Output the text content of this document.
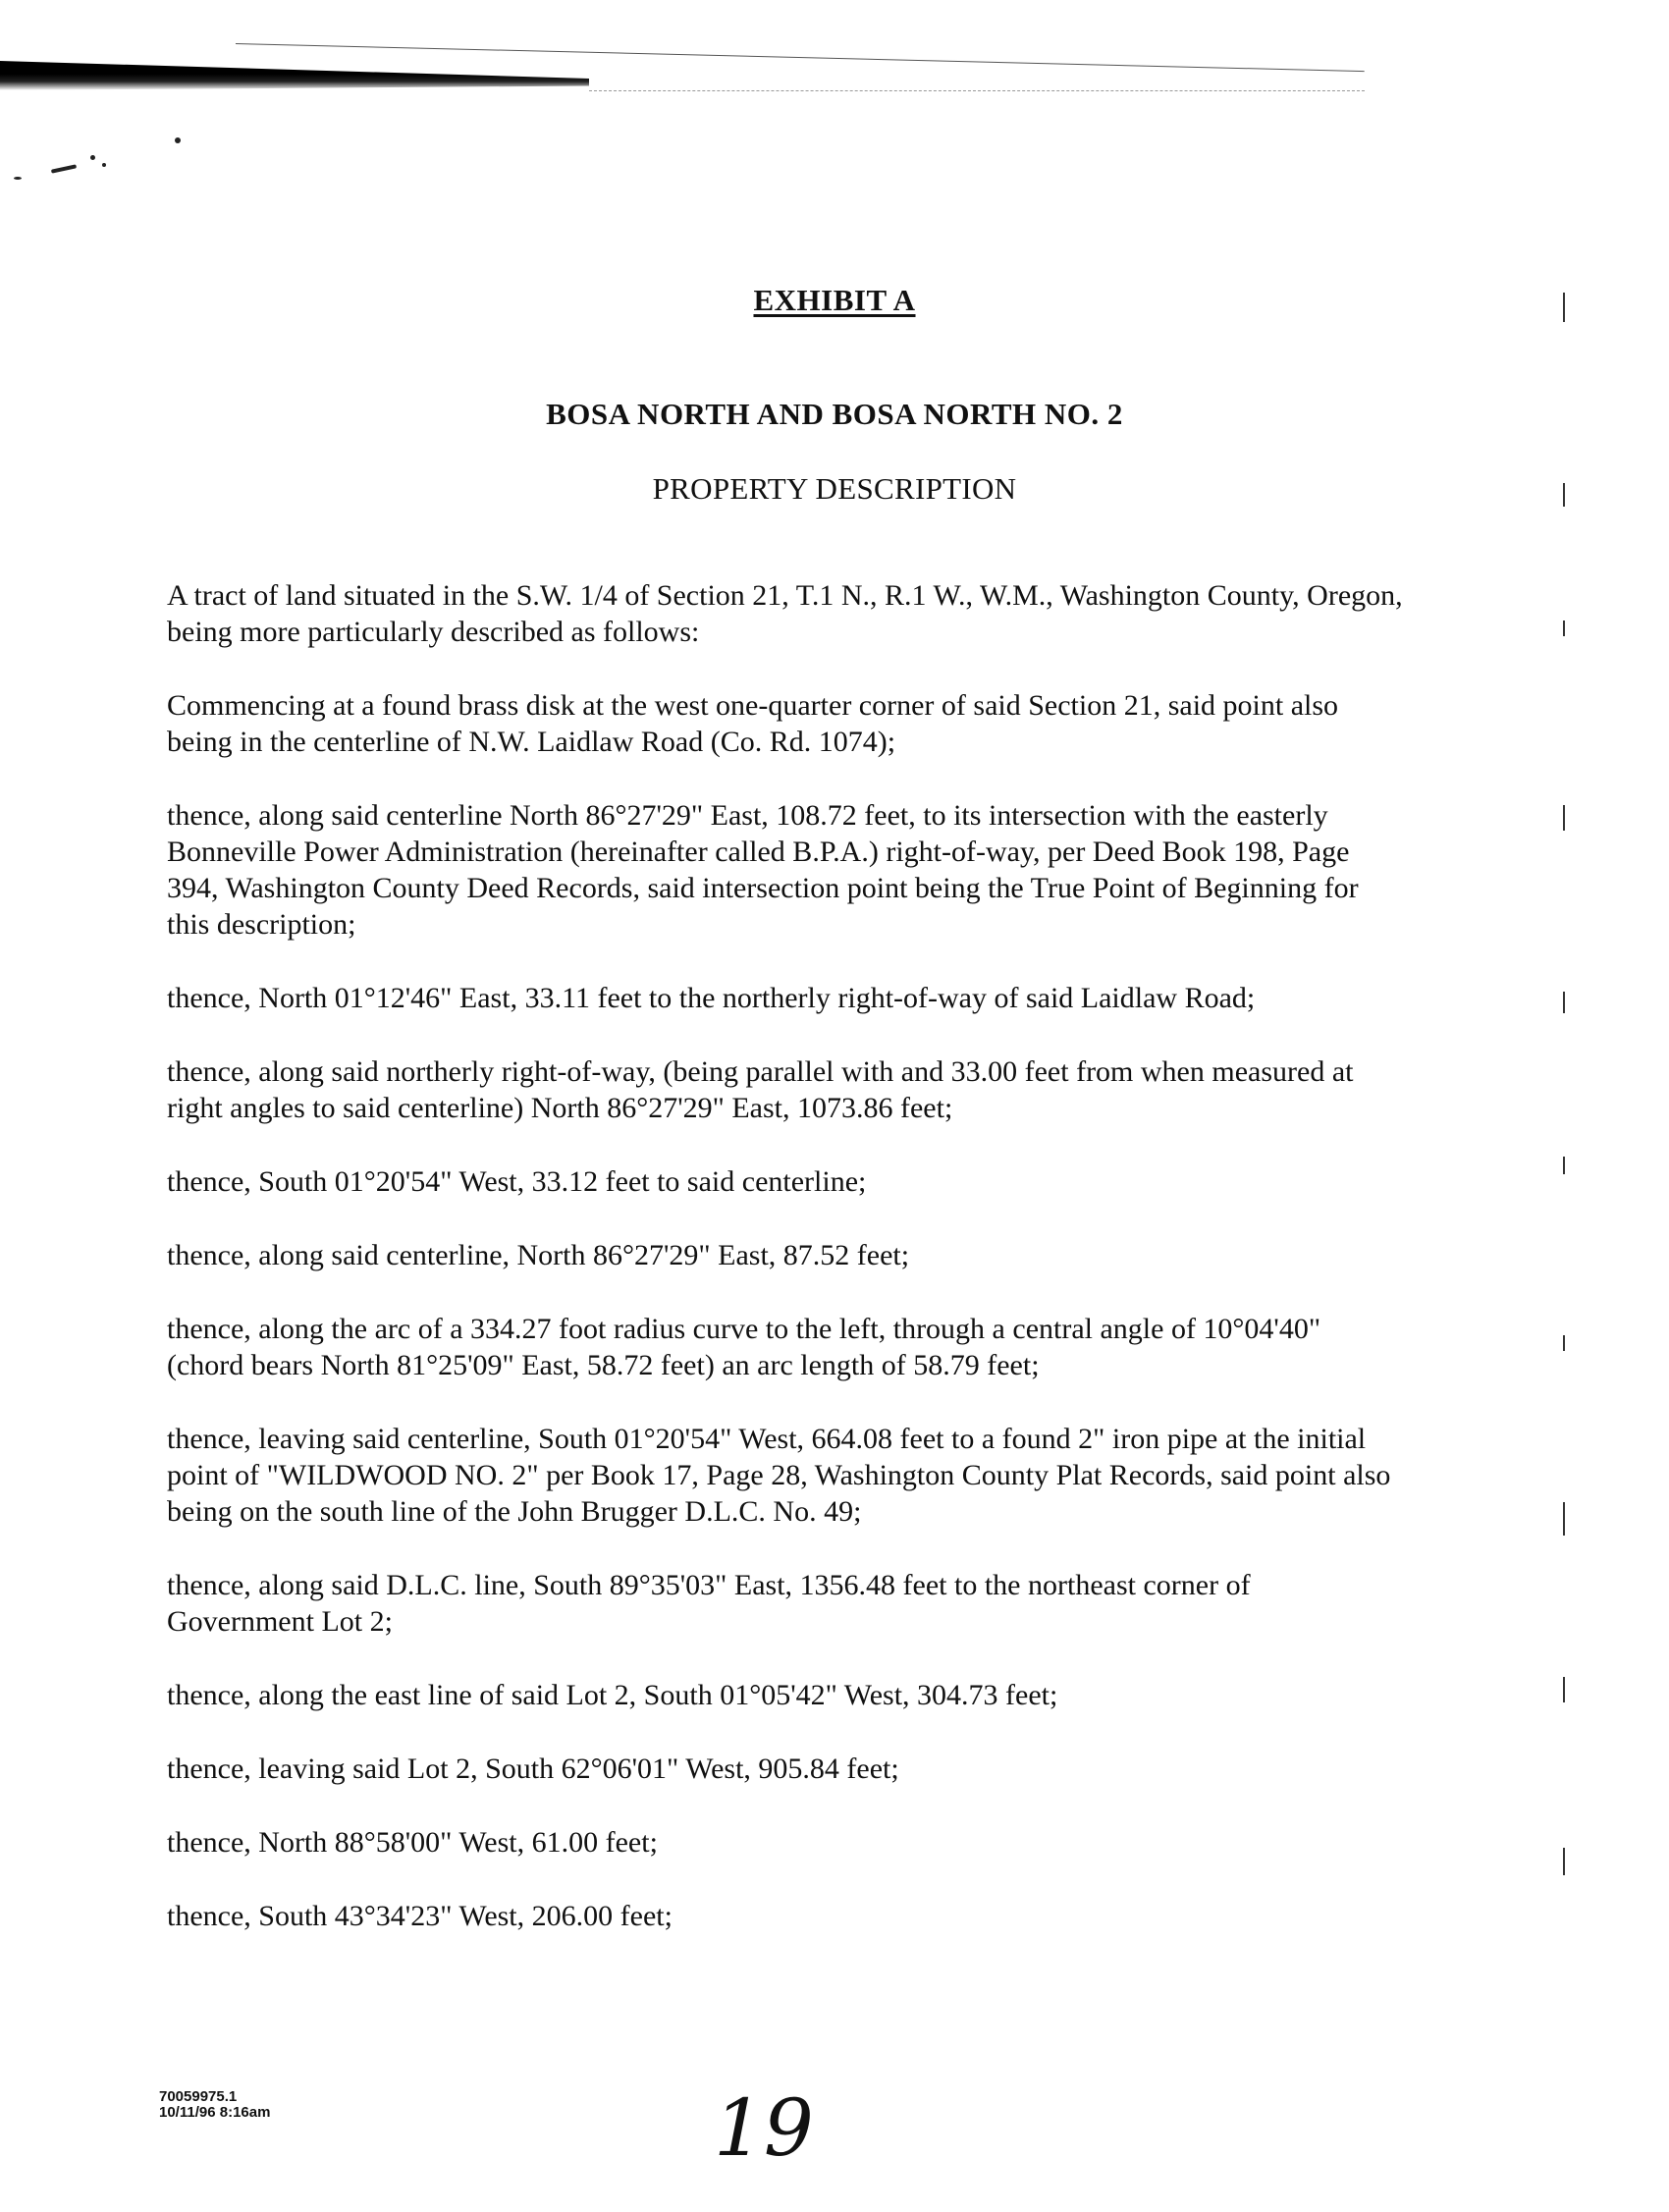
EXHIBIT A
BOSA NORTH AND BOSA NORTH NO. 2
PROPERTY DESCRIPTION

A tract of land situated in the S.W. 1/4 of Section 21, T.1 N., R.1 W., W.M., Washington County, Oregon, being more particularly described as follows:

Commencing at a found brass disk at the west one-quarter corner of said Section 21, said point also being in the centerline of N.W. Laidlaw Road (Co. Rd. 1074);

thence, along said centerline North 86°27'29" East, 108.72 feet, to its intersection with the easterly Bonneville Power Administration (hereinafter called B.P.A.) right-of-way, per Deed Book 198, Page 394, Washington County Deed Records, said intersection point being the True Point of Beginning for this description;

thence, North 01°12'46" East, 33.11 feet to the northerly right-of-way of said Laidlaw Road;

thence, along said northerly right-of-way, (being parallel with and 33.00 feet from when measured at right angles to said centerline) North 86°27'29" East, 1073.86 feet;

thence, South 01°20'54" West, 33.12 feet to said centerline;

thence, along said centerline, North 86°27'29" East, 87.52 feet;

thence, along the arc of a 334.27 foot radius curve to the left, through a central angle of 10°04'40" (chord bears North 81°25'09" East, 58.72 feet) an arc length of 58.79 feet;

thence, leaving said centerline, South 01°20'54" West, 664.08 feet to a found 2" iron pipe at the initial point of "WILDWOOD NO. 2" per Book 17, Page 28, Washington County Plat Records, said point also being on the south line of the John Brugger D.L.C. No. 49;

thence, along said D.L.C. line, South 89°35'03" East, 1356.48 feet to the northeast corner of Government Lot 2;

thence, along the east line of said Lot 2, South 01°05'42" West, 304.73 feet;

thence, leaving said Lot 2, South 62°06'01" West, 905.84 feet;

thence, North 88°58'00" West, 61.00 feet;

thence, South 43°34'23" West, 206.00 feet;

70059975.1
10/11/96 8:16am	19
